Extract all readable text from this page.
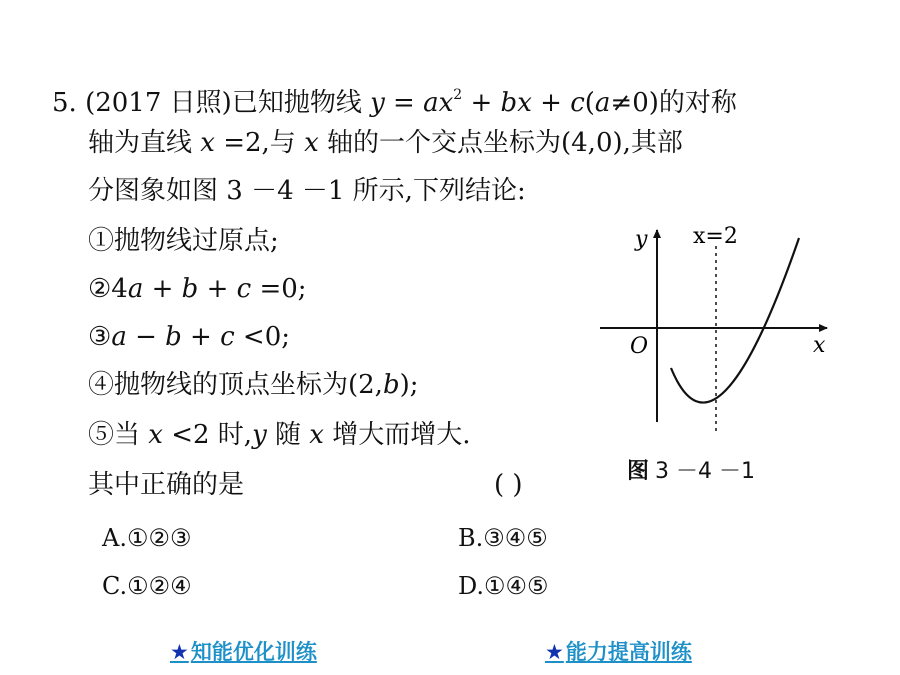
5. (2017 日照)已知抛物线 $y = ax^2$ + bx + c(a≠0)的对称
轴为直线 x =2,与 x 轴的一个交点坐标为(4,0),其部
分图象如图 3 －4 －1 所示,下列结论:
①抛物线过原点;
②4a + b + c =0;
③a − b + c <0;
④抛物线的顶点坐标为(2,b);
⑤当 x <2 时,y 随 x 增大而增大.
其中正确的是	( )
y
x
O
x=2
图 3 －4 －1
A.①②③	B.③④⑤
C.①②④	D.①④⑤
★知能优化训练	★能力提高训练
